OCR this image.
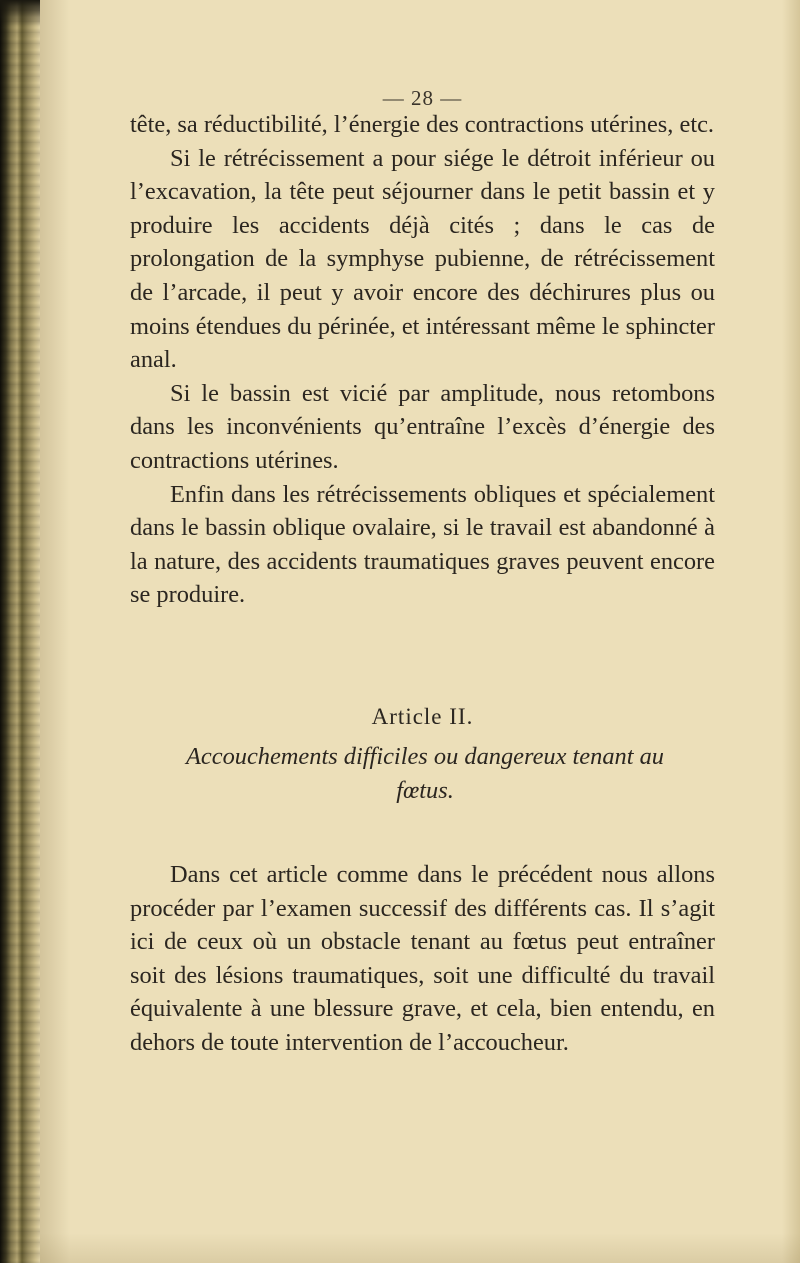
— 28 —

tête, sa réductibilité, l’énergie des contractions utérines, etc.

Si le rétrécissement a pour siége le détroit inférieur ou l’excavation, la tête peut séjourner dans le petit bassin et y produire les accidents déjà cités ; dans le cas de prolongation de la symphyse pubienne, de rétrécissement de l’arcade, il peut y avoir encore des déchirures plus ou moins étendues du périnée, et intéressant même le sphincter anal.

Si le bassin est vicié par amplitude, nous retombons dans les inconvénients qu’entraîne l’excès d’énergie des contractions utérines.

Enfin dans les rétrécissements obliques et spécialement dans le bassin oblique ovalaire, si le travail est abandonné à la nature, des accidents traumatiques graves peuvent encore se produire.

Article II.
Accouchements difficiles ou dangereux tenant au fœtus.

Dans cet article comme dans le précédent nous allons procéder par l’examen successif des différents cas. Il s’agit ici de ceux où un obstacle tenant au fœtus peut entraîner soit des lésions traumatiques, soit une difficulté du travail équivalente à une blessure grave, et cela, bien entendu, en dehors de toute intervention de l’accoucheur.
